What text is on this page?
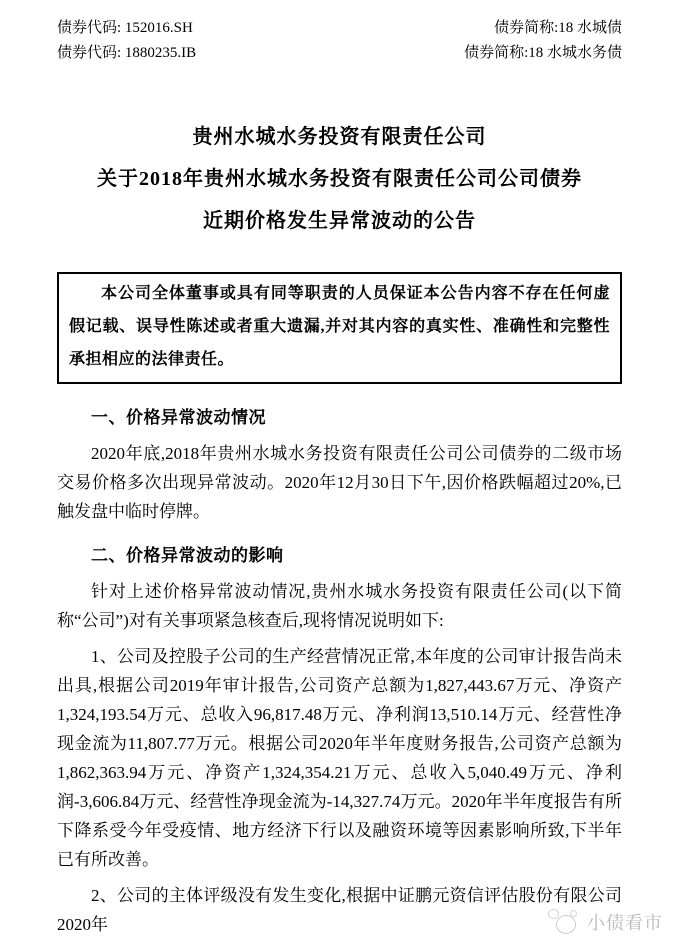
债券代码: 152016.SH	债券简称:18 水城债
债券代码: 1880235.IB	债券简称:18 水城水务债
贵州水城水务投资有限责任公司
关于2018年贵州水城水务投资有限责任公司公司债券
近期价格发生异常波动的公告

本公司全体董事或具有同等职责的人员保证本公告内容不存在任何虚假记载、误导性陈述或者重大遗漏,并对其内容的真实性、准确性和完整性承担相应的法律责任。

一、价格异常波动情况

2020年底,2018年贵州水城水务投资有限责任公司公司债券的二级市场交易价格多次出现异常波动。2020年12月30日下午,因价格跌幅超过20%,已触发盘中临时停牌。

二、价格异常波动的影响

针对上述价格异常波动情况,贵州水城水务投资有限责任公司(以下简称“公司”)对有关事项紧急核查后,现将情况说明如下:

1、公司及控股子公司的生产经营情况正常,本年度的公司审计报告尚未出具,根据公司2019年审计报告,公司资产总额为1,827,443.67万元、净资产1,324,193.54万元、总收入96,817.48万元、净利润13,510.14万元、经营性净现金流为11,807.77万元。根据公司2020年半年度财务报告,公司资产总额为1,862,363.94万元、净资产1,324,354.21万元、总收入5,040.49万元、净利润-3,606.84万元、经营性净现金流为-14,327.74万元。2020年半年度报告有所下降系受今年受疫情、地方经济下行以及融资环境等因素影响所致,下半年已有所改善。

2、公司的主体评级没有发生变化,根据中证鹏元资信评估股份有限公司2020年	小债看市
